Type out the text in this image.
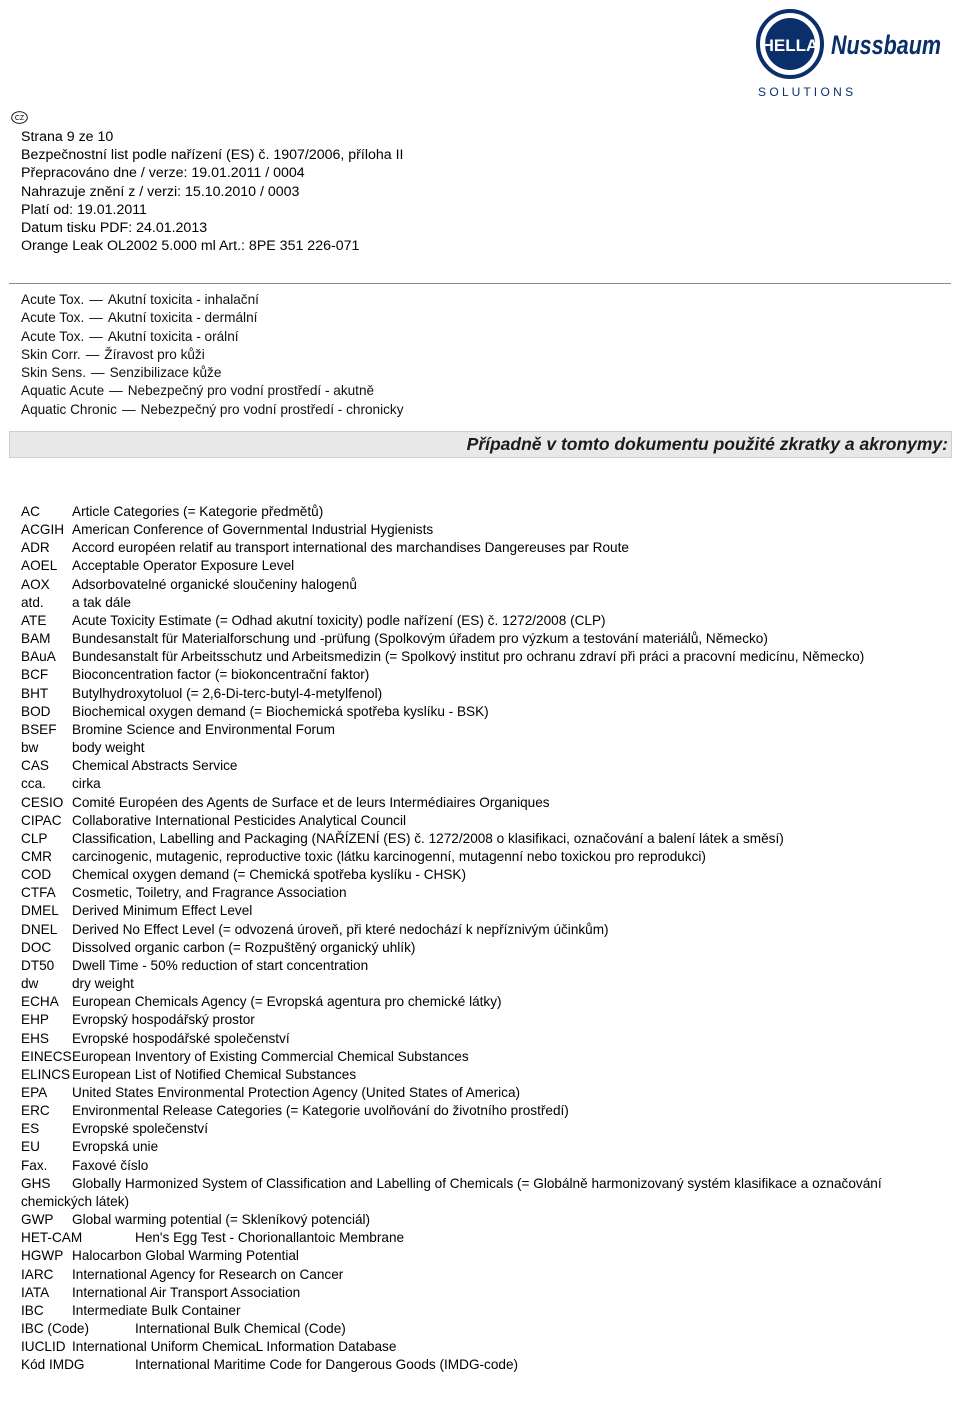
HELLA Nussbaum
S O L U T I O N S
CZ
Strana 9 ze 10
Bezpečnostní list podle nařízení (ES) č. 1907/2006, příloha II
Přepracováno dne / verze: 19.01.2011 / 0004
Nahrazuje znění z / verzi: 15.10.2010 / 0003
Platí od: 19.01.2011
Datum tisku PDF: 24.01.2013
Orange Leak OL2002 5.000 ml Art.: 8PE 351 226-071
Acute Tox. — Akutní toxicita - inhalační
Acute Tox. — Akutní toxicita - dermální
Acute Tox. — Akutní toxicita - orální
Skin Corr. — Žíravost pro kůži
Skin Sens. — Senzibilizace kůže
Aquatic Acute — Nebezpečný pro vodní prostředí - akutně
Aquatic Chronic — Nebezpečný pro vodní prostředí - chronicky
Případně v tomto dokumentu použité zkratky a akronymy:
AC	Article Categories (= Kategorie předmětů)
ACGIH American Conference of Governmental Industrial Hygienists
ADR	Accord européen relatif au transport international des marchandises Dangereuses par Route
AOEL	Acceptable Operator Exposure Level
AOX	Adsorbovatelné organické sloučeniny halogenů
atd.	a tak dále
ATE	Acute Toxicity Estimate (= Odhad akutní toxicity) podle nařízení (ES) č. 1272/2008 (CLP)
BAM	Bundesanstalt für Materialforschung und -prüfung (Spolkovým úřadem pro výzkum a testování materiálů, Německo)
BAuA	Bundesanstalt für Arbeitsschutz und Arbeitsmedizin (= Spolkový institut pro ochranu zdraví při práci a pracovní medicínu, Německo)
BCF	Bioconcentration factor (= biokoncentrační faktor)
BHT	Butylhydroxytoluol (= 2,6-Di-terc-butyl-4-metylfenol)
BOD	Biochemical oxygen demand (= Biochemická spotřeba kyslíku - BSK)
BSEF	Bromine Science and Environmental Forum
bw	body weight
CAS	Chemical Abstracts Service
cca.	cirka
CESIO Comité Européen des Agents de Surface et de leurs Intermédiaires Organiques
CIPAC Collaborative International Pesticides Analytical Council
CLP	Classification, Labelling and Packaging (NAŘÍZENÍ (ES) č. 1272/2008 o klasifikaci, označování a balení látek a směsí)
CMR	carcinogenic, mutagenic, reproductive toxic (látku karcinogenní, mutagenní nebo toxickou pro reprodukci)
COD	Chemical oxygen demand (= Chemická spotřeba kyslíku - CHSK)
CTFA	Cosmetic, Toiletry, and Fragrance Association
DMEL Derived Minimum Effect Level
DNEL	Derived No Effect Level (= odvozená úroveň, při které nedochází k nepříznivým účinkům)
DOC	Dissolved organic carbon (= Rozpuštěný organický uhlík)
DT50	Dwell Time - 50% reduction of start concentration
dw	dry weight
ECHA European Chemicals Agency (= Evropská agentura pro chemické látky)
EHP	Evropský hospodářský prostor
EHS	Evropské hospodářské společenství
EINECS European Inventory of Existing Commercial Chemical Substances
ELINCS European List of Notified Chemical Substances
EPA	United States Environmental Protection Agency (United States of America)
ERC	Environmental Release Categories (= Kategorie uvolňování do životního prostředí)
ES	Evropské společenství
EU	Evropská unie
Fax.	Faxové číslo
GHS	Globally Harmonized System of Classification and Labelling of Chemicals (= Globálně harmonizovaný systém klasifikace a označování chemických látek)
GWP	Global warming potential (= Skleníkový potenciál)
HET-CAM	Hen's Egg Test - Chorionallantoic Membrane
HGWP Halocarbon Global Warming Potential
IARC	International Agency for Research on Cancer
IATA	International Air Transport Association
IBC	Intermediate Bulk Container
IBC (Code)	International Bulk Chemical (Code)
IUCLID International Uniform ChemicaL Information Database
Kód IMDG	International Maritime Code for Dangerous Goods (IMDG-code)
